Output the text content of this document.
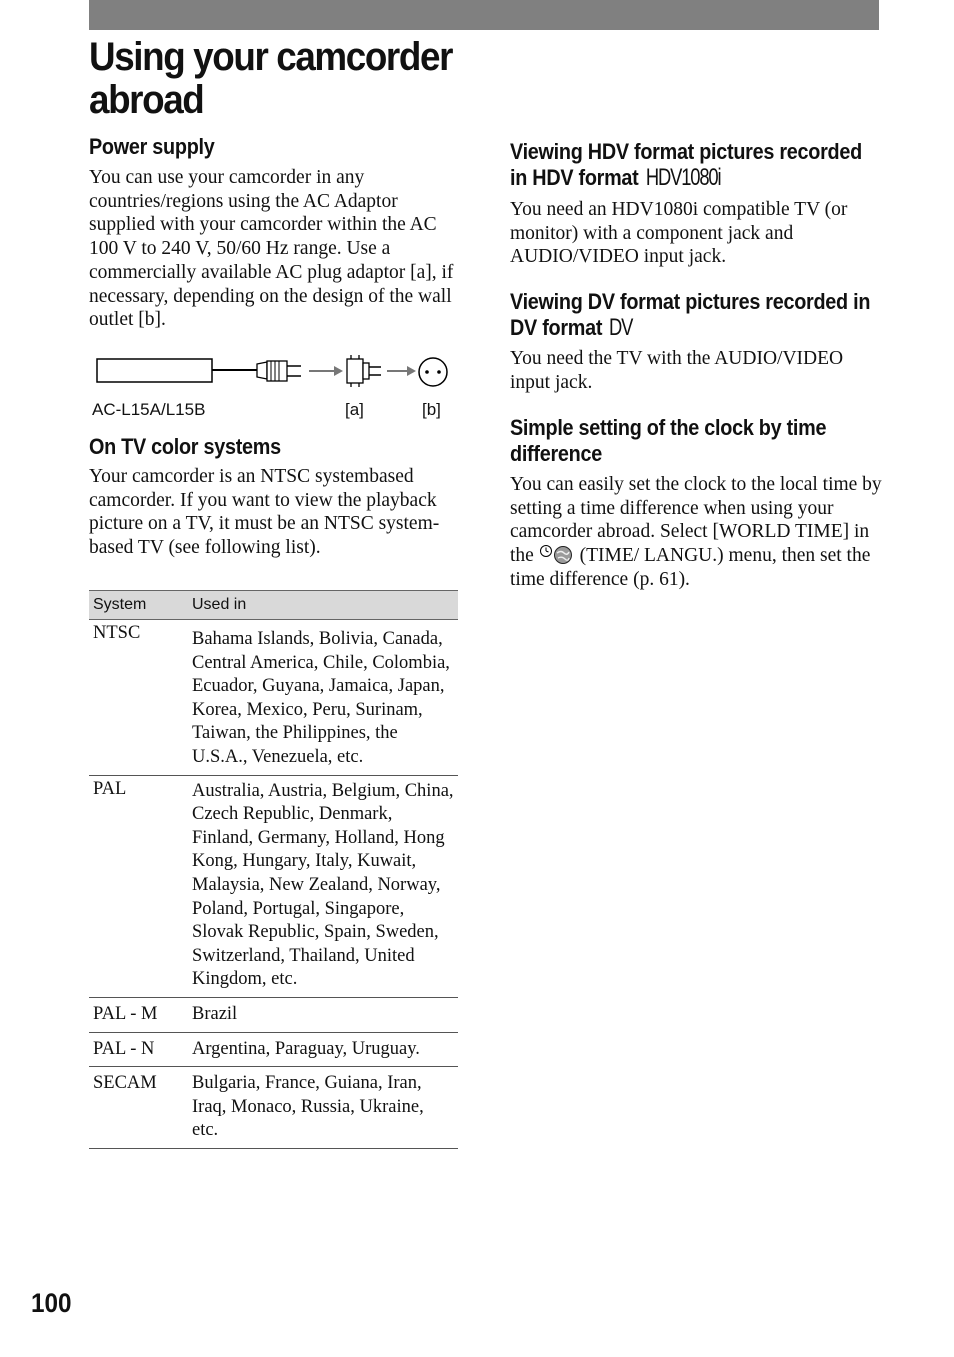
Using your camcorder abroad
Power supply

You can use your camcorder in any countries/regions using the AC Adaptor supplied with your camcorder within the AC 100 V to 240 V, 50/60 Hz range. Use a commercially available AC plug adaptor [a], if necessary, depending on the design of the wall outlet [b].

AC-L15A/L15B	[a]	[b]
On TV color systems

Your camcorder is an NTSC systembased camcorder. If you want to view the playback picture on a TV, it must be an NTSC system-based TV (see following list).

System	Used in
NTSC	Bahama Islands, Bolivia, Canada, Central America, Chile, Colombia, Ecuador, Guyana, Jamaica, Japan, Korea, Mexico, Peru, Surinam, Taiwan, the Philippines, the U.S.A., Venezuela, etc.
PAL	Australia, Austria, Belgium, China, Czech Republic, Denmark, Finland, Germany, Holland, Hong Kong, Hungary, Italy, Kuwait, Malaysia, New Zealand, Norway, Poland, Portugal, Singapore, Slovak Republic, Spain, Sweden, Switzerland, Thailand, United Kingdom, etc.
PAL - M	Brazil
PAL - N	Argentina, Paraguay, Uruguay.
SECAM	Bulgaria, France, Guiana, Iran, Iraq, Monaco, Russia, Ukraine, etc.
Viewing HDV format pictures recorded in HDV format HDV1080i

You need an HDV1080i compatible TV (or monitor) with a component jack and AUDIO/VIDEO input jack.

Viewing DV format pictures recorded in DV format DV

You need the TV with the AUDIO/VIDEO input jack.

Simple setting of the clock by time difference

You can easily set the clock to the local time by setting a time difference when using your camcorder abroad. Select [WORLD TIME] in the (TIME/ LANGU.) menu, then set the time difference (p. 61).

100
